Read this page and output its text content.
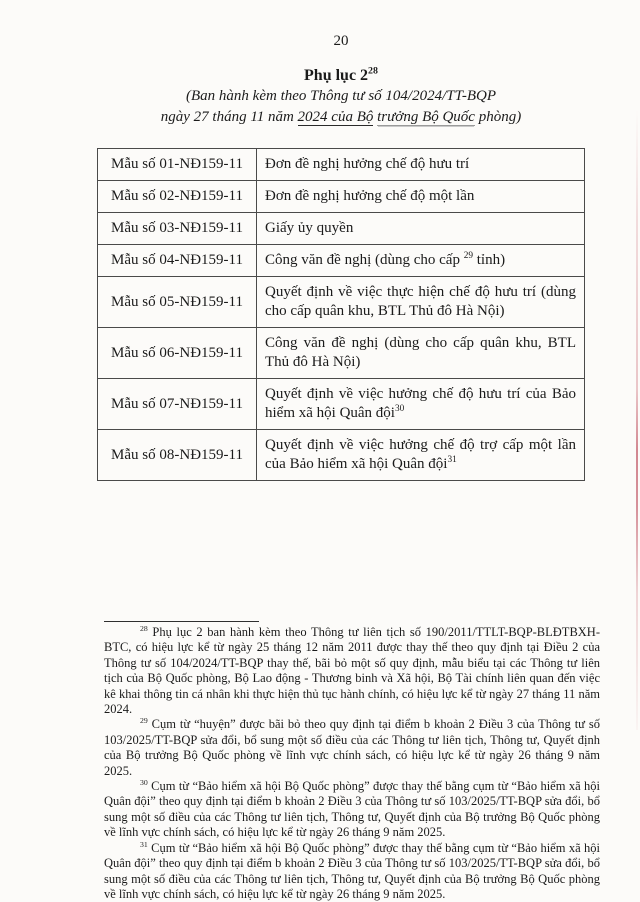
20
Phụ lục $2^{28}$
(Ban hành kèm theo Thông tư số 104/2024/TT-BQP
ngày 27 tháng 11 năm 2024 của Bộ trưởng Bộ Quốc phòng)
Mẫu số 01-NĐ159-11	Đơn đề nghị hưởng chế độ hưu trí
Mẫu số 02-NĐ159-11	Đơn đề nghị hưởng chế độ một lần
Mẫu số 03-NĐ159-11	Giấy ủy quyền
Mẫu số 04-NĐ159-11	Công văn đề nghị (dùng cho cấp $^{29}$ tỉnh)
Mẫu số 05-NĐ159-11	Quyết định về việc thực hiện chế độ hưu trí (dùng cho cấp quân khu, BTL Thủ đô Hà Nội)
Mẫu số 06-NĐ159-11	Công văn đề nghị (dùng cho cấp quân khu, BTL Thủ đô Hà Nội)
Mẫu số 07-NĐ159-11	Quyết định về việc hưởng chế độ hưu trí của Bảo hiểm xã hội Quân đội$^{30}$
Mẫu số 08-NĐ159-11	Quyết định về việc hưởng chế độ trợ cấp một lần của Bảo hiểm xã hội Quân đội$^{31}$

$^{28}$ Phụ lục 2 ban hành kèm theo Thông tư liên tịch số 190/2011/TTLT-BQP-BLĐTBXH-BTC, có hiệu lực kể từ ngày 25 tháng 12 năm 2011 được thay thế theo quy định tại Điều 2 của Thông tư số 104/2024/TT-BQP thay thế, bãi bỏ một số quy định, mẫu biểu tại các Thông tư liên tịch của Bộ Quốc phòng, Bộ Lao động - Thương binh và Xã hội, Bộ Tài chính liên quan đến việc kê khai thông tin cá nhân khi thực hiện thủ tục hành chính, có hiệu lực kể từ ngày 27 tháng 11 năm 2024.

$^{29}$ Cụm từ “huyện” được bãi bỏ theo quy định tại điểm b khoản 2 Điều 3 của Thông tư số 103/2025/TT-BQP sửa đổi, bổ sung một số điều của các Thông tư liên tịch, Thông tư, Quyết định của Bộ trưởng Bộ Quốc phòng về lĩnh vực chính sách, có hiệu lực kể từ ngày 26 tháng 9 năm 2025.

$^{30}$ Cụm từ “Bảo hiểm xã hội Bộ Quốc phòng” được thay thế bằng cụm từ “Bảo hiểm xã hội Quân đội” theo quy định tại điểm b khoản 2 Điều 3 của Thông tư số 103/2025/TT-BQP sửa đổi, bổ sung một số điều của các Thông tư liên tịch, Thông tư, Quyết định của Bộ trưởng Bộ Quốc phòng về lĩnh vực chính sách, có hiệu lực kể từ ngày 26 tháng 9 năm 2025.

$^{31}$ Cụm từ “Bảo hiểm xã hội Bộ Quốc phòng” được thay thế bằng cụm từ “Bảo hiểm xã hội Quân đội” theo quy định tại điểm b khoản 2 Điều 3 của Thông tư số 103/2025/TT-BQP sửa đổi, bổ sung một số điều của các Thông tư liên tịch, Thông tư, Quyết định của Bộ trưởng Bộ Quốc phòng về lĩnh vực chính sách, có hiệu lực kể từ ngày 26 tháng 9 năm 2025.
